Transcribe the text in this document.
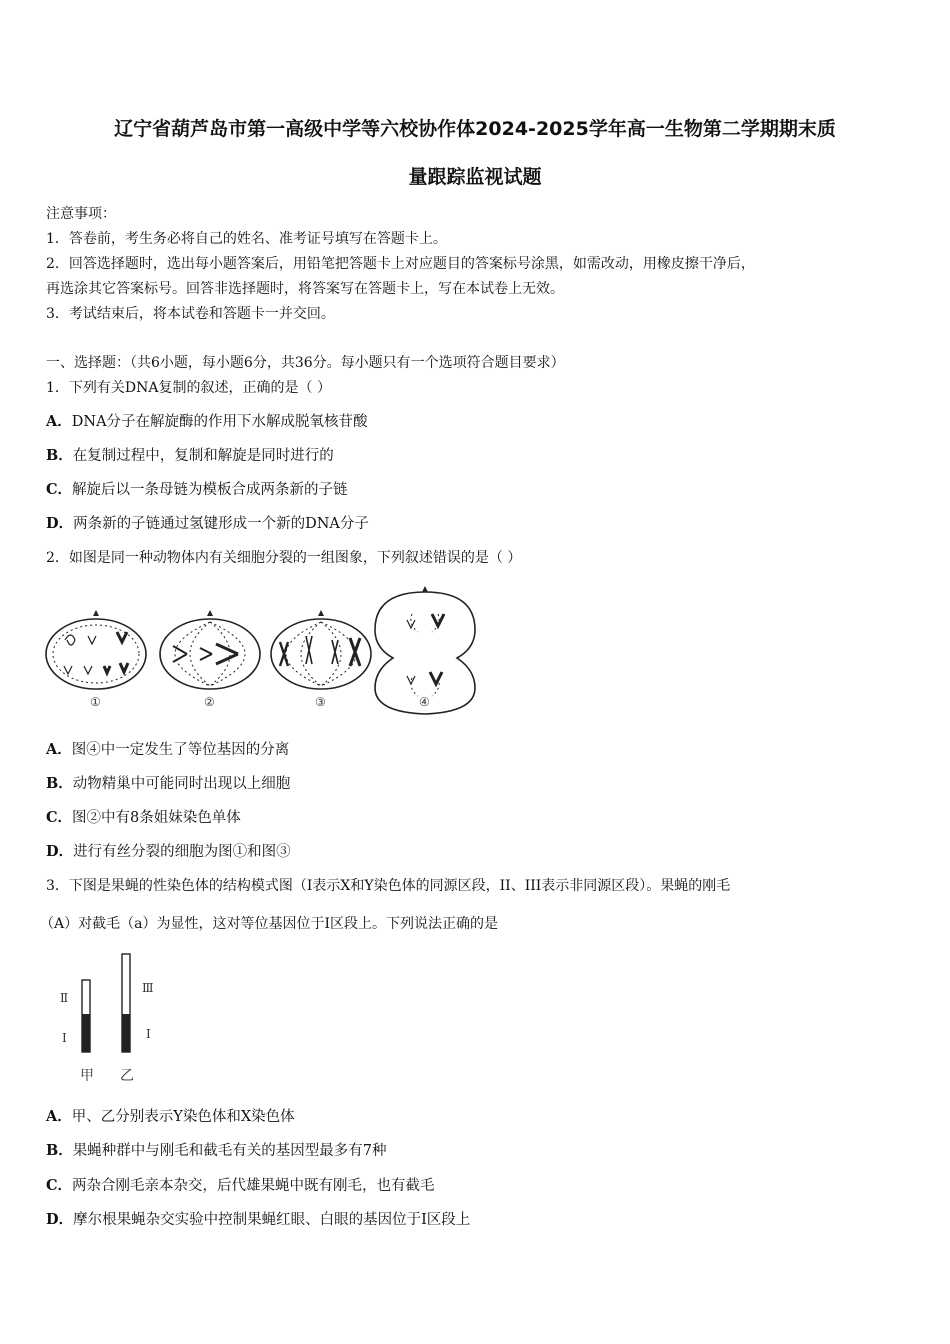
辽宁省葫芦岛市第一高级中学等六校协作体2024-2025学年高一生物第二学期期末质
量跟踪监视试题
注意事项：
1．答卷前，考生务必将自己的姓名、准考证号填写在答题卡上。
2．回答选择题时，选出每小题答案后，用铅笔把答题卡上对应题目的答案标号涂黑，如需改动，用橡皮擦干净后，
再选涂其它答案标号。回答非选择题时，将答案写在答题卡上，写在本试卷上无效。
3．考试结束后，将本试卷和答题卡一并交回。
一、选择题：（共6小题，每小题6分，共36分。每小题只有一个选项符合题目要求）
1．下列有关DNA复制的叙述，正确的是（ ）
A．DNA分子在解旋酶的作用下水解成脱氧核苷酸
B．在复制过程中，复制和解旋是同时进行的
C．解旋后以一条母链为模板合成两条新的子链
D．两条新的子链通过氢键形成一个新的DNA分子
2．如图是同一种动物体内有关细胞分裂的一组图象，下列叙述错误的是（ ）
①	②	③	④
A．图④中一定发生了等位基因的分离
B．动物精巢中可能同时出现以上细胞
C．图②中有8条姐妹染色单体
D．进行有丝分裂的细胞为图①和图③
3．下图是果蝇的性染色体的结构模式图（I表示X和Y染色体的同源区段，II、III表示非同源区段）。果蝇的刚毛
（A）对截毛（a）为显性，这对等位基因位于I区段上。下列说法正确的是
Ⅱ
Ⅰ
Ⅲ
Ⅰ
甲 乙
A．甲、乙分别表示Y染色体和X染色体
B．果蝇种群中与刚毛和截毛有关的基因型最多有7种
C．两杂合刚毛亲本杂交，后代雄果蝇中既有刚毛，也有截毛
D．摩尔根果蝇杂交实验中控制果蝇红眼、白眼的基因位于I区段上
